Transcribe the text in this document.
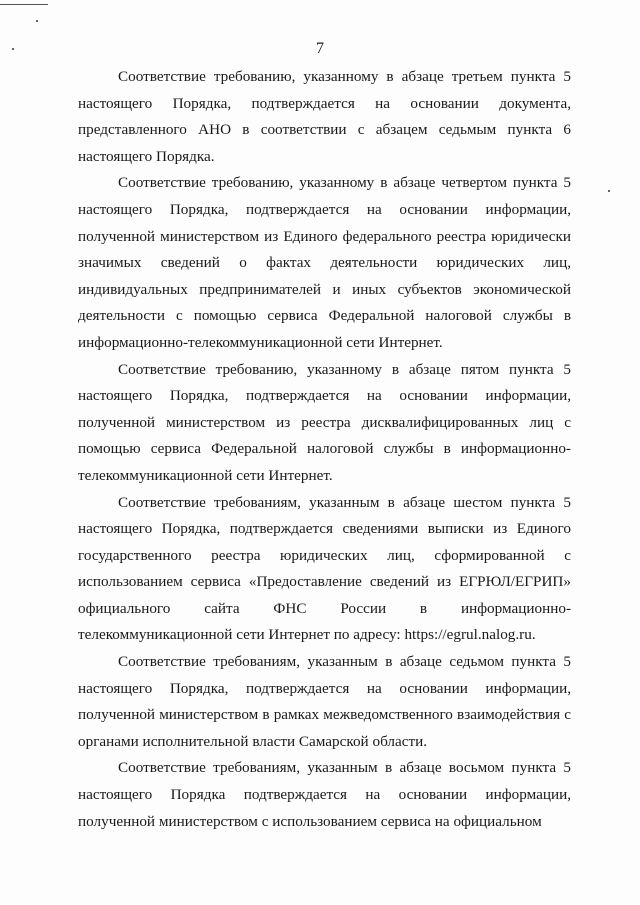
7

Соответствие требованию, указанному в абзаце третьем пункта 5 настоящего Порядка, подтверждается на основании документа, представленного АНО в соответствии с абзацем седьмым пункта 6 настоящего Порядка.

Соответствие требованию, указанному в абзаце четвертом пункта 5 настоящего Порядка, подтверждается на основании информации, полученной министерством из Единого федерального реестра юридически значимых сведений о фактах деятельности юридических лиц, индивидуальных предпринимателей и иных субъектов экономической деятельности с помощью сервиса Федеральной налоговой службы в информационно-телекоммуникационной сети Интернет.

Соответствие требованию, указанному в абзаце пятом пункта 5 настоящего Порядка, подтверждается на основании информации, полученной министерством из реестра дисквалифицированных лиц с помощью сервиса Федеральной налоговой службы в информационно-телекоммуникационной сети Интернет.

Соответствие требованиям, указанным в абзаце шестом пункта 5 настоящего Порядка, подтверждается сведениями выписки из Единого государственного реестра юридических лиц, сформированной с использованием сервиса «Предоставление сведений из ЕГРЮЛ/ЕГРИП» официального сайта ФНС России в информационно-телекоммуникационной сети Интернет по адресу: https://egrul.nalog.ru.

Соответствие требованиям, указанным в абзаце седьмом пункта 5 настоящего Порядка, подтверждается на основании информации, полученной министерством в рамках межведомственного взаимодействия с органами исполнительной власти Самарской области.

Соответствие требованиям, указанным в абзаце восьмом пункта 5 настоящего Порядка подтверждается на основании информации, полученной министерством с использованием сервиса на официальном
